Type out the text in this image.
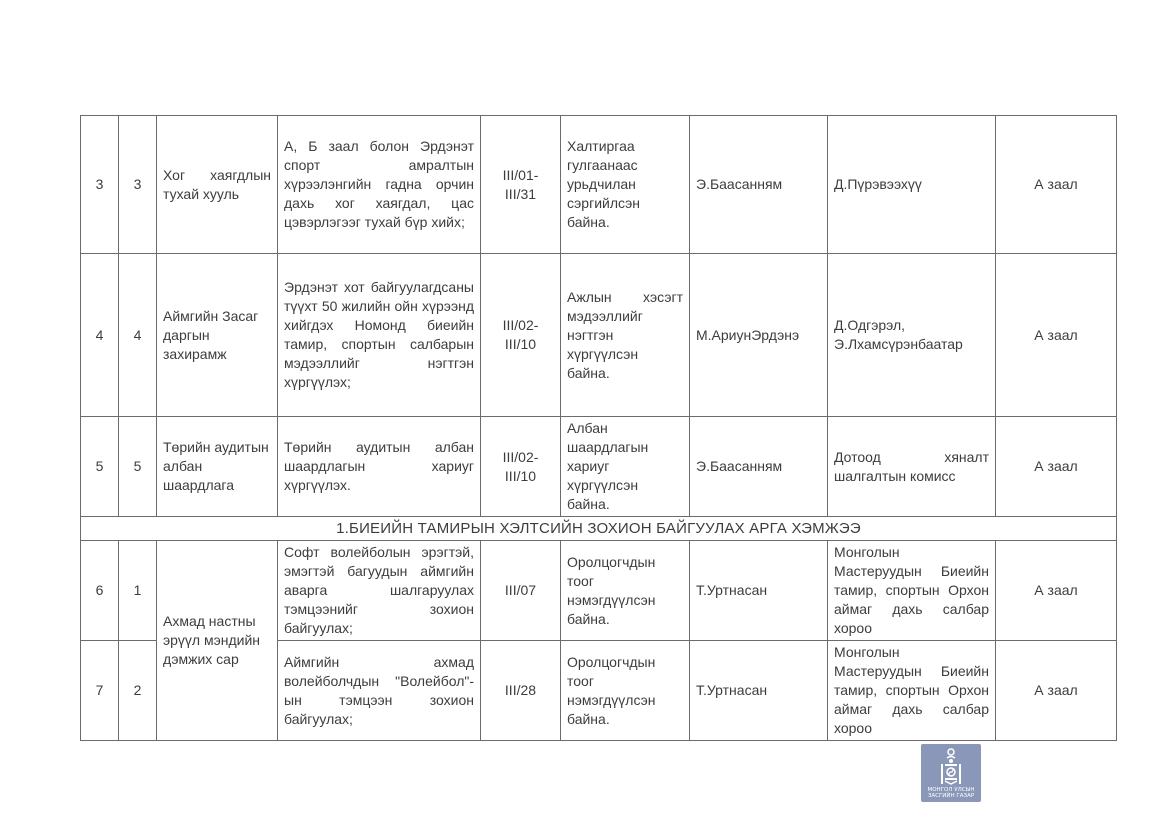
3	3	Хог хаягдлын тухай хууль	А, Б заал болон Эрдэнэт спорт амралтын хүрээлэнгийн гадна орчин дахь хог хаягдал, цас цэвэрлэгээг тухай бүр хийх;	III/01- III/31	Халтиргаа гулгаанаас урьдчилан сэргийлсэн байна.	Э.Баасанням	Д.Пүрэвээхүү	А заал
4	4	Аймгийн Засаг даргын захирамж	Эрдэнэт хот байгуулагдсаны түүхт 50 жилийн ойн хүрээнд хийгдэх Номонд биеийн тамир, спортын салбарын мэдээллийг нэгтгэн хүргүүлэх;	III/02- III/10	Ажлын хэсэгт мэдээллийг нэгтгэн хүргүүлсэн байна.	М.АриунЭрдэнэ	Д.Одгэрэл, Э.Лхамсүрэнбаатар	А заал
5	5	Төрийн аудитын албан шаардлага	Төрийн аудитын албан шаардлагын хариуг хүргүүлэх.	III/02- III/10	Албан шаардлагын хариуг хүргүүлсэн байна.	Э.Баасанням	Дотоод хяналт шалгалтын комисс	А заал
1.БИЕИЙН ТАМИРЫН ХЭЛТСИЙН ЗОХИОН БАЙГУУЛАХ АРГА ХЭМЖЭЭ								
6	1	Ахмад настны эрүүл мэндийн дэмжих сар	Софт волейболын эрэгтэй, эмэгтэй багуудын аймгийн аварга шалгаруулах тэмцээнийг зохион байгуулах;	III/07	Оролцогчдын тоог нэмэгдүүлсэн байна.	Т.Уртнасан	Монголын Мастеруудын Биеийн тамир, спортын Орхон аймаг дахь салбар хороо	А заал
7	2		Аймгийн ахмад волейболчдын "Волейбол"-ын тэмцээн зохион байгуулах;	III/28	Оролцогчдын тоог нэмэгдүүлсэн байна.	Т.Уртнасан	Монголын Мастеруудын Биеийн тамир, спортын Орхон аймаг дахь салбар хороо	А заал
МОНГОЛ УЛСЫН
ЗАСГИЙН ГАЗАР
